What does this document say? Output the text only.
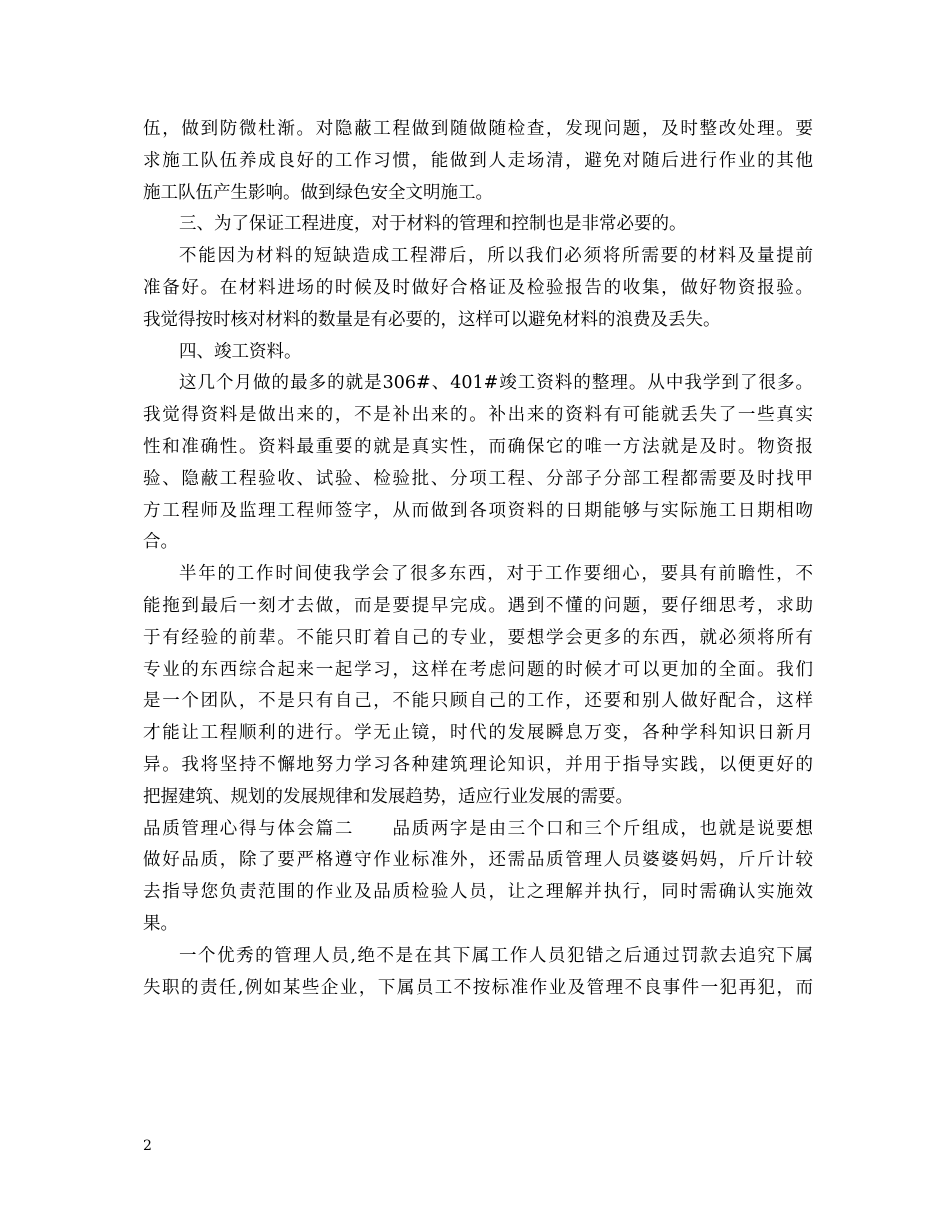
伍，做到防微杜渐。对隐蔽工程做到随做随检查，发现问题，及时整改处理。要
求施工队伍养成良好的工作习惯，能做到人走场清，避免对随后进行作业的其他
施工队伍产生影响。做到绿色安全文明施工。
三、为了保证工程进度，对于材料的管理和控制也是非常必要的。
不能因为材料的短缺造成工程滞后，所以我们必须将所需要的材料及量提前
准备好。在材料进场的时候及时做好合格证及检验报告的收集，做好物资报验。
我觉得按时核对材料的数量是有必要的，这样可以避免材料的浪费及丢失。
四、竣工资料。
这几个月做的最多的就是306#、401#竣工资料的整理。从中我学到了很多。
我觉得资料是做出来的，不是补出来的。补出来的资料有可能就丢失了一些真实
性和准确性。资料最重要的就是真实性，而确保它的唯一方法就是及时。物资报
验、隐蔽工程验收、试验、检验批、分项工程、分部子分部工程都需要及时找甲
方工程师及监理工程师签字，从而做到各项资料的日期能够与实际施工日期相吻
合。
半年的工作时间使我学会了很多东西，对于工作要细心，要具有前瞻性，不
能拖到最后一刻才去做，而是要提早完成。遇到不懂的问题，要仔细思考，求助
于有经验的前辈。不能只盯着自己的专业，要想学会更多的东西，就必须将所有
专业的东西综合起来一起学习，这样在考虑问题的时候才可以更加的全面。我们
是一个团队，不是只有自己，不能只顾自己的工作，还要和别人做好配合，这样
才能让工程顺利的进行。学无止镜，时代的发展瞬息万变，各种学科知识日新月
异。我将坚持不懈地努力学习各种建筑理论知识，并用于指导实践，以便更好的
把握建筑、规划的发展规律和发展趋势，适应行业发展的需要。
品质管理心得与体会篇二　　品质两字是由三个口和三个斤组成，也就是说要想
做好品质，除了要严格遵守作业标准外，还需品质管理人员婆婆妈妈，斤斤计较
去指导您负责范围的作业及品质检验人员，让之理解并执行，同时需确认实施效
果。
一个优秀的管理人员,绝不是在其下属工作人员犯错之后通过罚款去追究下属
失职的责任,例如某些企业，下属员工不按标准作业及管理不良事件一犯再犯，而
2
